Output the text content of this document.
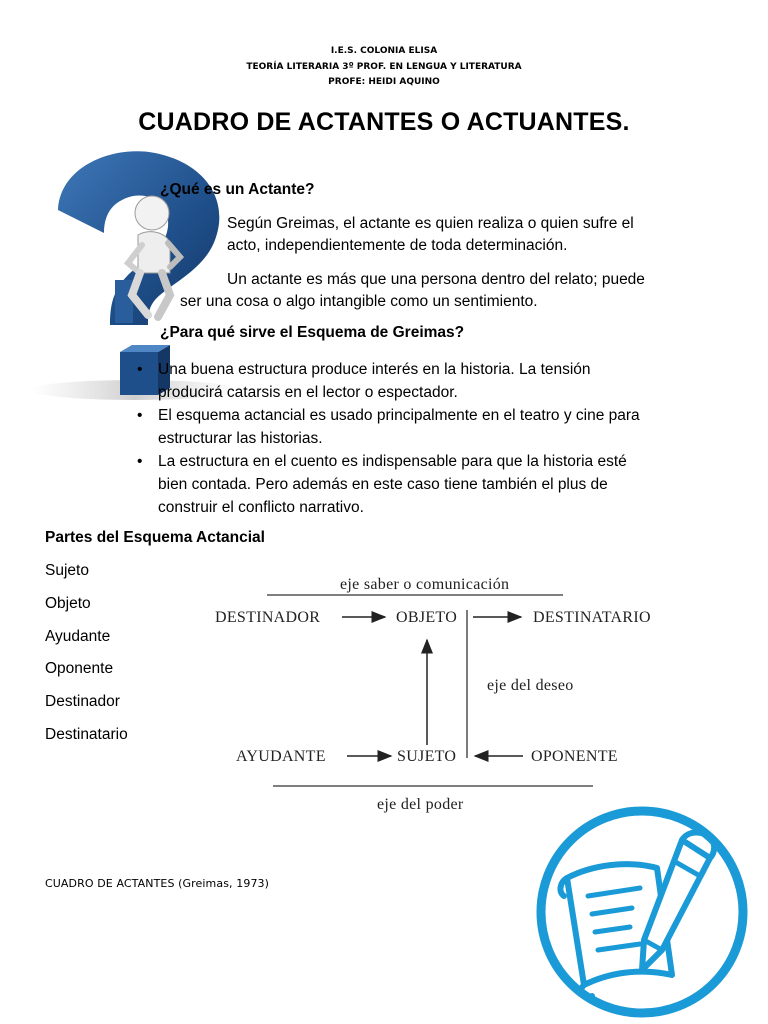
I.E.S. COLONIA ELISA
TEORÍA LITERARIA 3º PROF. EN LENGUA Y LITERATURA
PROFE: HEIDI AQUINO
CUADRO DE ACTANTES O ACTUANTES.
¿Qué es un Actante?
Según Greimas, el actante es quien realiza o quien sufre el
acto, independientemente de toda determinación.
Un actante es más que una persona dentro del relato; puede
ser una cosa o algo intangible como un sentimiento.
¿Para qué sirve el Esquema de Greimas?
• Una buena estructura produce interés en la historia. La tensión
producirá catarsis en el lector o espectador.
• El esquema actancial es usado principalmente en el teatro y cine para
estructurar las historias.
• La estructura en el cuento es indispensable para que la historia esté
bien contada. Pero además en este caso tiene también el plus de
construir el conflicto narrativo.
Partes del Esquema Actancial
Sujeto
Objeto
Ayudante
Oponente
Destinador
Destinatario
eje saber o comunicación
DESTINADOR	OBJETO	DESTINATARIO
eje del deseo
AYUDANTE	SUJETO	OPONENTE
eje del poder
CUADRO DE ACTANTES (Greimas, 1973)
